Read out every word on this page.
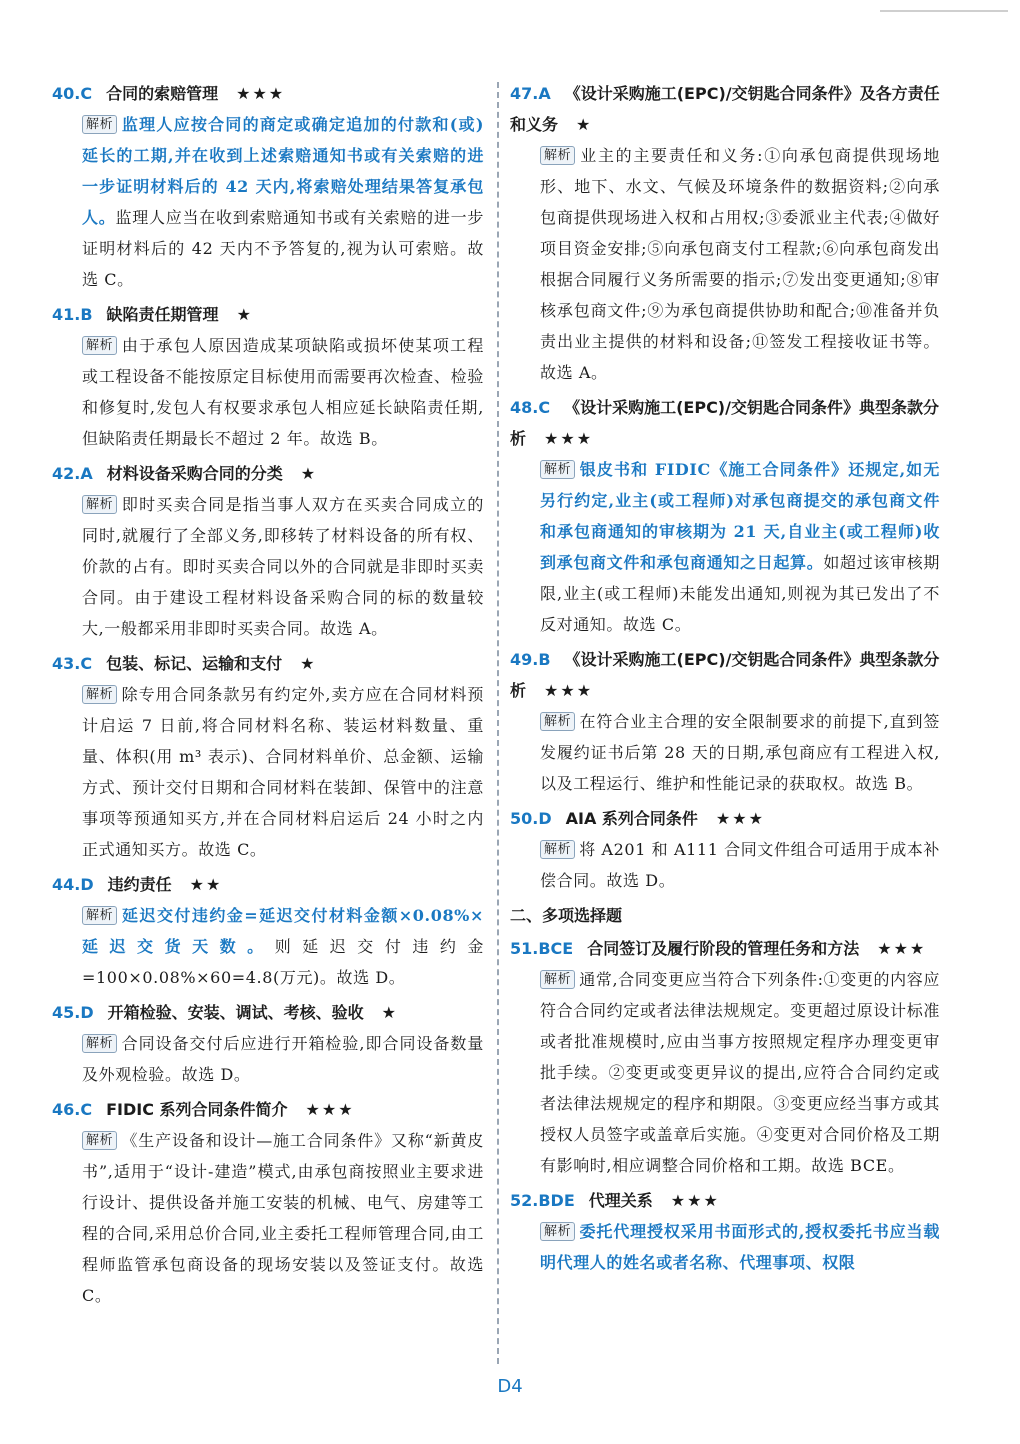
40.C 合同的索赔管理 ★★★
解析 监理人应按合同的商定或确定追加的付款和(或)延长的工期,并在收到上述索赔通知书或有关索赔的进一步证明材料后的 42 天内,将索赔处理结果答复承包人。监理人应当在收到索赔通知书或有关索赔的进一步证明材料后的 42 天内不予答复的,视为认可索赔。故选 C。
41.B 缺陷责任期管理 ★
解析 由于承包人原因造成某项缺陷或损坏使某项工程或工程设备不能按原定目标使用而需要再次检查、检验和修复时,发包人有权要求承包人相应延长缺陷责任期,但缺陷责任期最长不超过 2 年。故选 B。
42.A 材料设备采购合同的分类 ★
解析 即时买卖合同是指当事人双方在买卖合同成立的同时,就履行了全部义务,即移转了材料设备的所有权、价款的占有。即时买卖合同以外的合同就是非即时买卖合同。由于建设工程材料设备采购合同的标的数量较大,一般都采用非即时买卖合同。故选 A。
43.C 包装、标记、运输和支付 ★
解析 除专用合同条款另有约定外,卖方应在合同材料预计启运 7 日前,将合同材料名称、装运材料数量、重量、体积(用 m³ 表示)、合同材料单价、总金额、运输方式、预计交付日期和合同材料在装卸、保管中的注意事项等预通知买方,并在合同材料启运后 24 小时之内正式通知买方。故选 C。
44.D 违约责任 ★★
解析 延迟交付违约金=延迟交付材料金额×0.08%×延迟交货天数。则延迟交付违约金=100×0.08%×60=4.8(万元)。故选 D。
45.D 开箱检验、安装、调试、考核、验收 ★
解析 合同设备交付后应进行开箱检验,即合同设备数量及外观检验。故选 D。
46.C FIDIC 系列合同条件简介 ★★★
解析 《生产设备和设计—施工合同条件》又称“新黄皮书”,适用于“设计-建造”模式,由承包商按照业主要求进行设计、提供设备并施工安装的机械、电气、房建等工程的合同,采用总价合同,业主委托工程师管理合同,由工程师监管承包商设备的现场安装以及签证支付。故选 C。
47.A 《设计采购施工(EPC)/交钥匙合同条件》及各方责任和义务 ★
解析 业主的主要责任和义务:①向承包商提供现场地形、地下、水文、气候及环境条件的数据资料;②向承包商提供现场进入权和占用权;③委派业主代表;④做好项目资金安排;⑤向承包商支付工程款;⑥向承包商发出根据合同履行义务所需要的指示;⑦发出变更通知;⑧审核承包商文件;⑨为承包商提供协助和配合;⑩准备并负责出业主提供的材料和设备;⑪签发工程接收证书等。故选 A。
48.C 《设计采购施工(EPC)/交钥匙合同条件》典型条款分析 ★★★
解析 银皮书和 FIDIC《施工合同条件》还规定,如无另行约定,业主(或工程师)对承包商提交的承包商文件和承包商通知的审核期为 21 天,自业主(或工程师)收到承包商文件和承包商通知之日起算。如超过该审核期限,业主(或工程师)未能发出通知,则视为其已发出了不反对通知。故选 C。
49.B 《设计采购施工(EPC)/交钥匙合同条件》典型条款分析 ★★★
解析 在符合业主合理的安全限制要求的前提下,直到签发履约证书后第 28 天的日期,承包商应有工程进入权,以及工程运行、维护和性能记录的获取权。故选 B。
50.D AIA 系列合同条件 ★★★
解析 将 A201 和 A111 合同文件组合可适用于成本补偿合同。故选 D。
二、多项选择题
51.BCE 合同签订及履行阶段的管理任务和方法 ★★★
解析 通常,合同变更应当符合下列条件:①变更的内容应符合合同约定或者法律法规规定。变更超过原设计标准或者批准规模时,应由当事方按照规定程序办理变更审批手续。②变更或变更异议的提出,应符合合同约定或者法律法规规定的程序和期限。③变更应经当事方或其授权人员签字或盖章后实施。④变更对合同价格及工期有影响时,相应调整合同价格和工期。故选 BCE。
52.BDE 代理关系 ★★★
解析 委托代理授权采用书面形式的,授权委托书应当载明代理人的姓名或者名称、代理事项、权限
D4
